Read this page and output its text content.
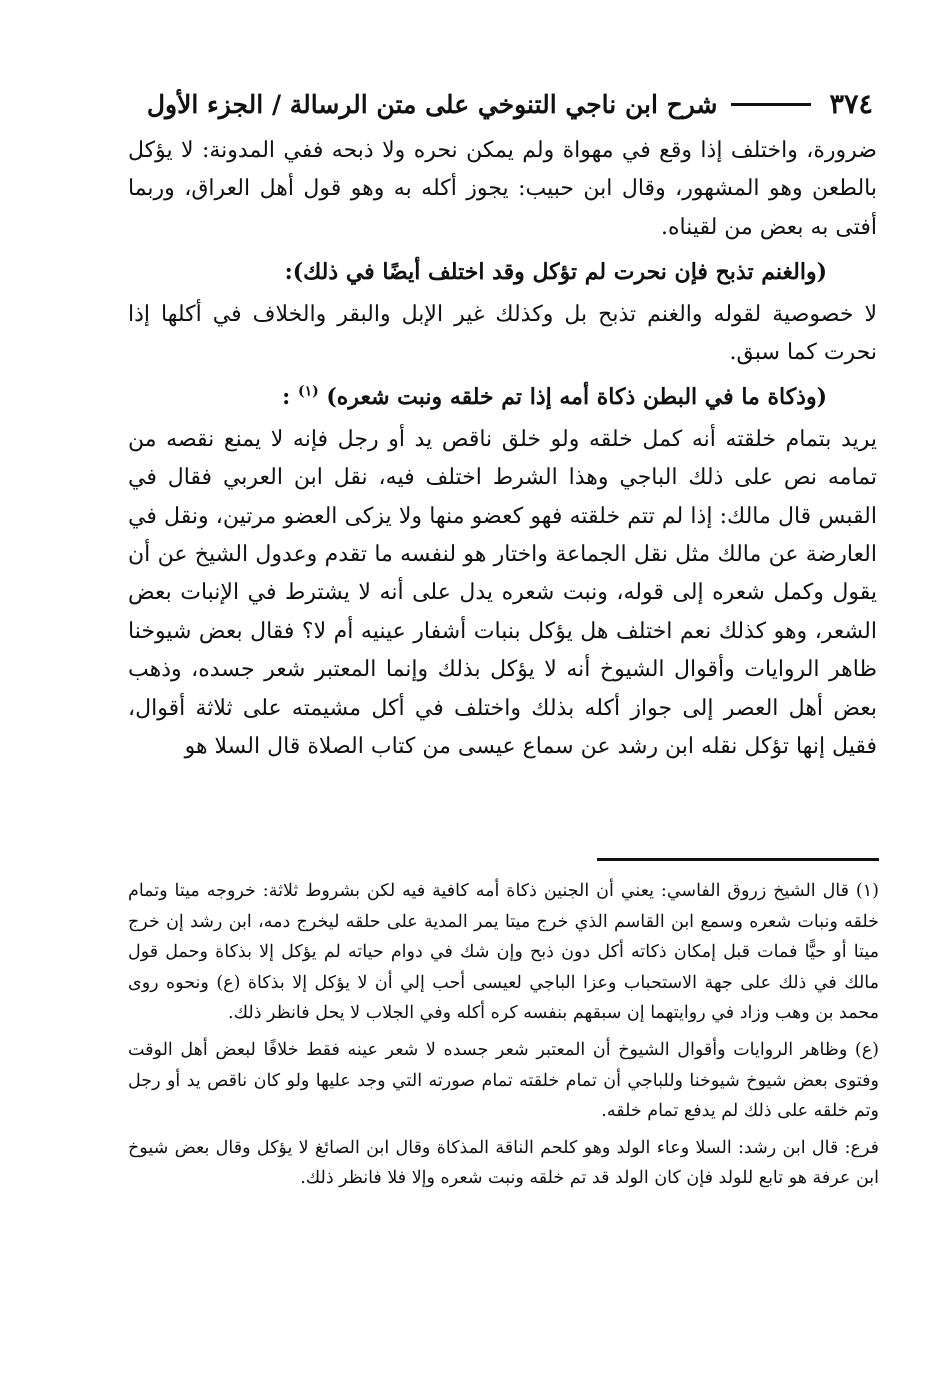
٣٧٤
شرح ابن ناجي التنوخي على متن الرسالة / الجزء الأول

ضرورة، واختلف إذا وقع في مهواة ولم يمكن نحره ولا ذبحه ففي المدونة: لا يؤكل بالطعن وهو المشهور، وقال ابن حبيب: يجوز أكله به وهو قول أهل العراق، وربما أفتى به بعض من لقيناه.

(والغنم تذبح فإن نحرت لم تؤكل وقد اختلف أيضًا في ذلك):

لا خصوصية لقوله والغنم تذبح بل وكذلك غير الإبل والبقر والخلاف في أكلها إذا نحرت كما سبق.

(وذكاة ما في البطن ذكاة أمه إذا تم خلقه ونبت شعره) $^{(١)}$ :

يريد بتمام خلقته أنه كمل خلقه ولو خلق ناقص يد أو رجل فإنه لا يمنع نقصه من تمامه نص على ذلك الباجي وهذا الشرط اختلف فيه، نقل ابن العربي فقال في القبس قال مالك: إذا لم تتم خلقته فهو كعضو منها ولا يزكى العضو مرتين، ونقل في العارضة عن مالك مثل نقل الجماعة واختار هو لنفسه ما تقدم وعدول الشيخ عن أن يقول وكمل شعره إلى قوله، ونبت شعره يدل على أنه لا يشترط في الإنبات بعض الشعر، وهو كذلك نعم اختلف هل يؤكل بنبات أشفار عينيه أم لا؟ فقال بعض شيوخنا ظاهر الروايات وأقوال الشيوخ أنه لا يؤكل بذلك وإنما المعتبر شعر جسده، وذهب بعض أهل العصر إلى جواز أكله بذلك واختلف في أكل مشيمته على ثلاثة أقوال، فقيل إنها تؤكل نقله ابن رشد عن سماع عيسى من كتاب الصلاة قال السلا هو

(١) قال الشيخ زروق الفاسي: يعني أن الجنين ذكاة أمه كافية فيه لكن بشروط ثلاثة: خروجه ميتا وتمام خلقه ونبات شعره وسمع ابن القاسم الذي خرج ميتا يمر المدية على حلقه ليخرج دمه، ابن رشد إن خرج ميتا أو حيًّا فمات قبل إمكان ذكاته أكل دون ذبح وإن شك في دوام حياته لم يؤكل إلا بذكاة وحمل قول مالك في ذلك على جهة الاستحباب وعزا الباجي لعيسى أحب إلي أن لا يؤكل إلا بذكاة (ع) ونحوه روى محمد بن وهب وزاد في روايتهما إن سبقهم بنفسه كره أكله وفي الجلاب لا يحل فانظر ذلك.

(ع) وظاهر الروايات وأقوال الشيوخ أن المعتبر شعر جسده لا شعر عينه فقط خلافًا لبعض أهل الوقت وفتوى بعض شيوخ شيوخنا وللباجي أن تمام خلقته تمام صورته التي وجد عليها ولو كان ناقص يد أو رجل وتم خلقه على ذلك لم يدفع تمام خلقه.

فرع: قال ابن رشد: السلا وعاء الولد وهو كلحم الناقة المذكاة وقال ابن الصائغ لا يؤكل وقال بعض شيوخ ابن عرفة هو تابع للولد فإن كان الولد قد تم خلقه ونبت شعره وإلا فلا فانظر ذلك.
